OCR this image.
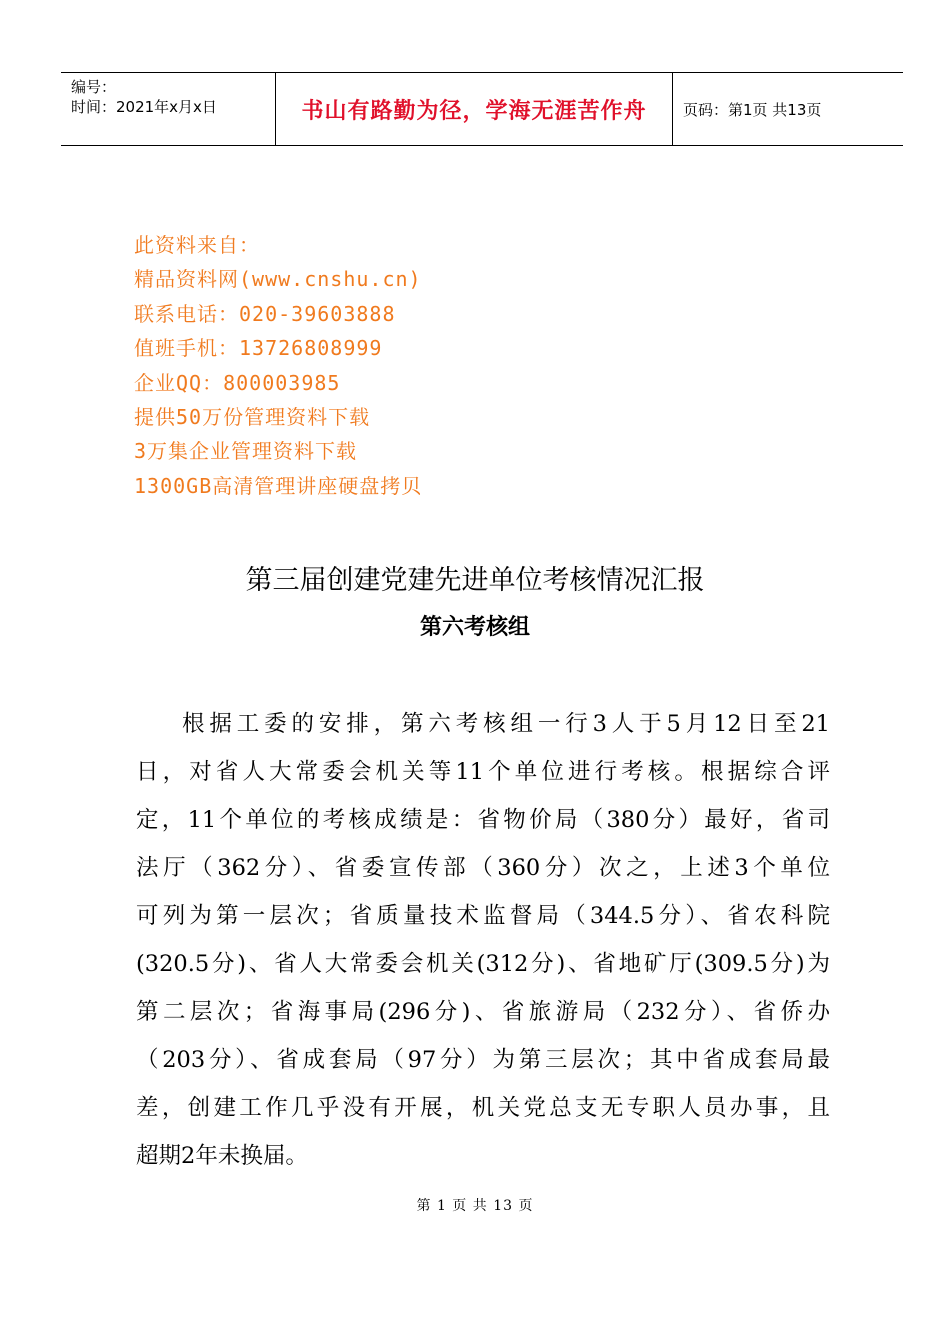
编号：
时间：2021年x月x日	书山有路勤为径，学海无涯苦作舟	页码：第1页 共13页
此资料来自：
精品资料网(www.cnshu.cn)
联系电话：020-39603888
值班手机：13726808999
企业QQ：800003985
提供50万份管理资料下载
3万集企业管理资料下载
1300GB高清管理讲座硬盘拷贝
第三届创建党建先进单位考核情况汇报
第六考核组
根据工委的安排，第六考核组一行3人于5月12日至21
日，对省人大常委会机关等11个单位进行考核。根据综合评
定，11个单位的考核成绩是：省物价局（380分）最好，省司
法厅（362分）、省委宣传部（360分）次之，上述3个单位
可列为第一层次；省质量技术监督局（344.5分）、省农科院
(320.5分)、省人大常委会机关(312分)、省地矿厅(309.5分)为
第二层次；省海事局(296分)、省旅游局（232分）、省侨办
（203分）、省成套局（97分）为第三层次；其中省成套局最
差，创建工作几乎没有开展，机关党总支无专职人员办事，且
超期2年未换届。
第 1 页 共 13 页
